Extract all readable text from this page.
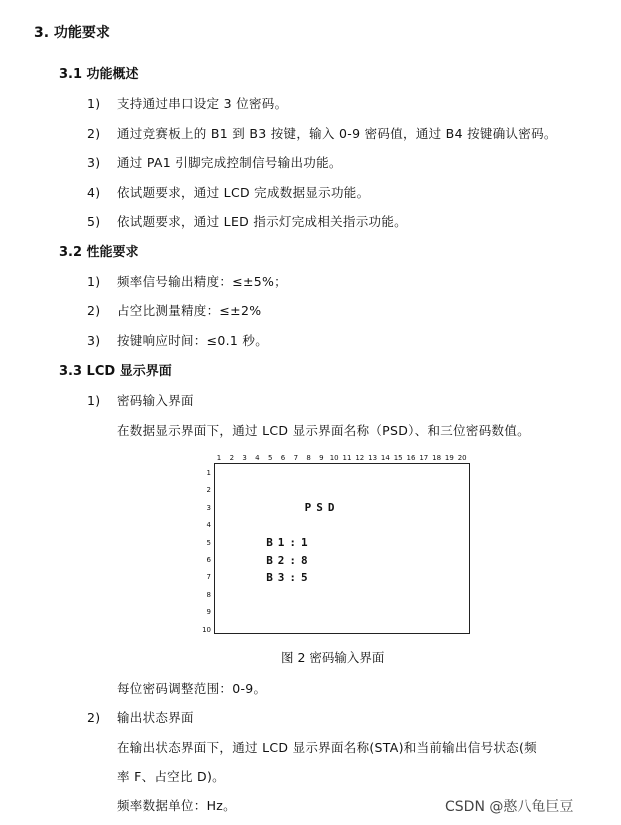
3. 功能要求
3.1 功能概述
1) 支持通过串口设定 3 位密码。
2) 通过竞赛板上的 B1 到 B3 按键，输入 0-9 密码值，通过 B4 按键确认密码。
3) 通过 PA1 引脚完成控制信号输出功能。
4) 依试题要求，通过 LCD 完成数据显示功能。
5) 依试题要求，通过 LED 指示灯完成相关指示功能。
3.2 性能要求
1) 频率信号输出精度：≤±5%；
2) 占空比测量精度：≤±2%
3) 按键响应时间：≤0.1 秒。
3.3 LCD 显示界面
1) 密码输入界面
在数据显示界面下，通过 LCD 显示界面名称（PSD）、和三位密码数值。
1 2 3 4 5 6 7 8 9 10 11 12 13 14 15 16 17 18 19 20
1
2
3
4
5
6
7
8
9
10
PSD
B1:1
B2:8
B3:5
图 2 密码输入界面
每位密码调整范围：0-9。
2) 输出状态界面
在输出状态界面下，通过 LCD 显示界面名称(STA)和当前输出信号状态(频
率 F、占空比 D)。
频率数据单位：Hz。	CSDN @憨八龟巨豆
